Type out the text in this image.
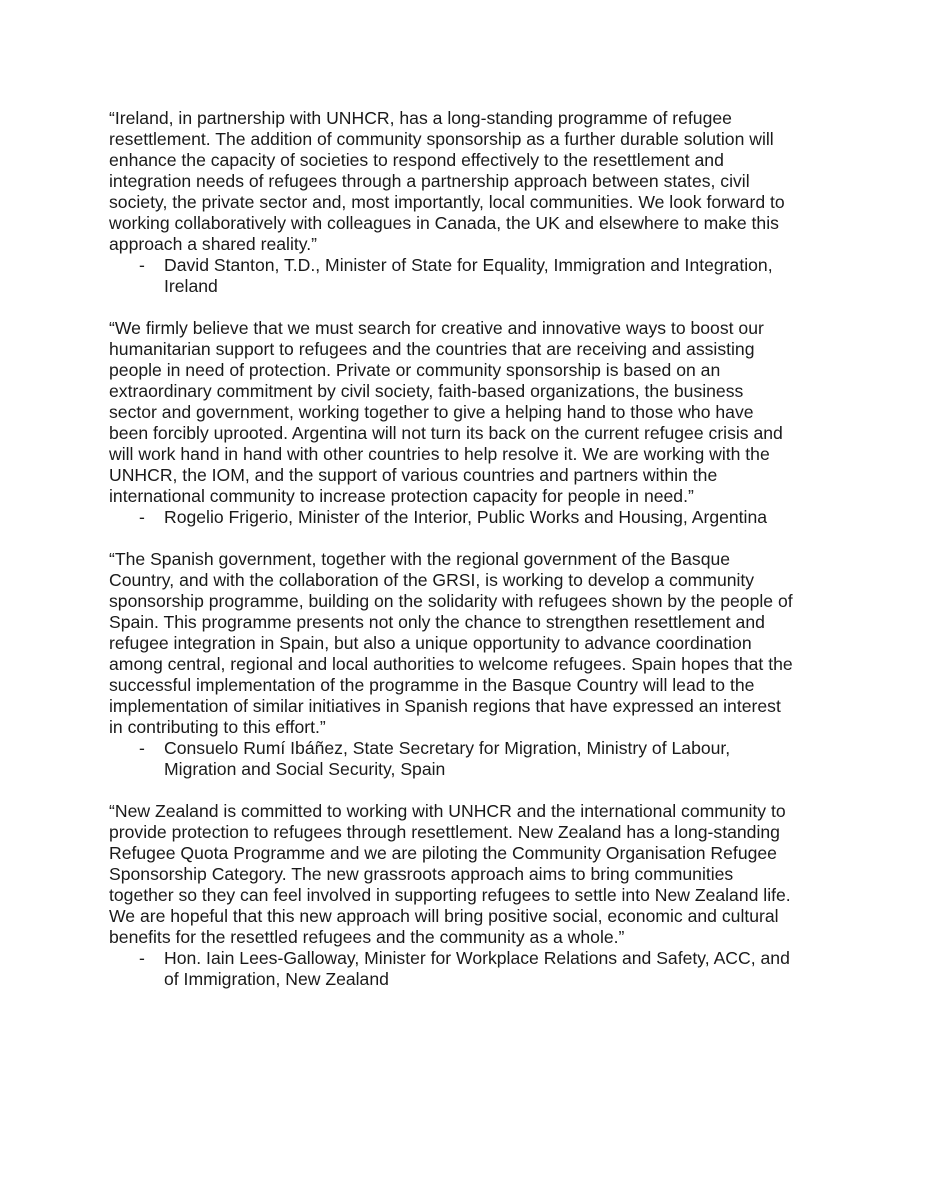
“Ireland, in partnership with UNHCR, has a long-standing programme of refugee
resettlement. The addition of community sponsorship as a further durable solution will
enhance the capacity of societies to respond effectively to the resettlement and
integration needs of refugees through a partnership approach between states, civil
society, the private sector and, most importantly, local communities. We look forward to
working collaboratively with colleagues in Canada, the UK and elsewhere to make this
approach a shared reality.”
- David Stanton, T.D., Minister of State for Equality, Immigration and Integration,
Ireland
“We firmly believe that we must search for creative and innovative ways to boost our
humanitarian support to refugees and the countries that are receiving and assisting
people in need of protection. Private or community sponsorship is based on an
extraordinary commitment by civil society, faith-based organizations, the business
sector and government, working together to give a helping hand to those who have
been forcibly uprooted. Argentina will not turn its back on the current refugee crisis and
will work hand in hand with other countries to help resolve it. We are working with the
UNHCR, the IOM, and the support of various countries and partners within the
international community to increase protection capacity for people in need.”
- Rogelio Frigerio, Minister of the Interior, Public Works and Housing, Argentina
“The Spanish government, together with the regional government of the Basque
Country, and with the collaboration of the GRSI, is working to develop a community
sponsorship programme, building on the solidarity with refugees shown by the people of
Spain. This programme presents not only the chance to strengthen resettlement and
refugee integration in Spain, but also a unique opportunity to advance coordination
among central, regional and local authorities to welcome refugees. Spain hopes that the
successful implementation of the programme in the Basque Country will lead to the
implementation of similar initiatives in Spanish regions that have expressed an interest
in contributing to this effort.”
- Consuelo Rumí Ibáñez, State Secretary for Migration, Ministry of Labour,
Migration and Social Security, Spain
“New Zealand is committed to working with UNHCR and the international community to
provide protection to refugees through resettlement. New Zealand has a long-standing
Refugee Quota Programme and we are piloting the Community Organisation Refugee
Sponsorship Category. The new grassroots approach aims to bring communities
together so they can feel involved in supporting refugees to settle into New Zealand life.
We are hopeful that this new approach will bring positive social, economic and cultural
benefits for the resettled refugees and the community as a whole.”
- Hon. Iain Lees-Galloway, Minister for Workplace Relations and Safety, ACC, and
of Immigration, New Zealand
